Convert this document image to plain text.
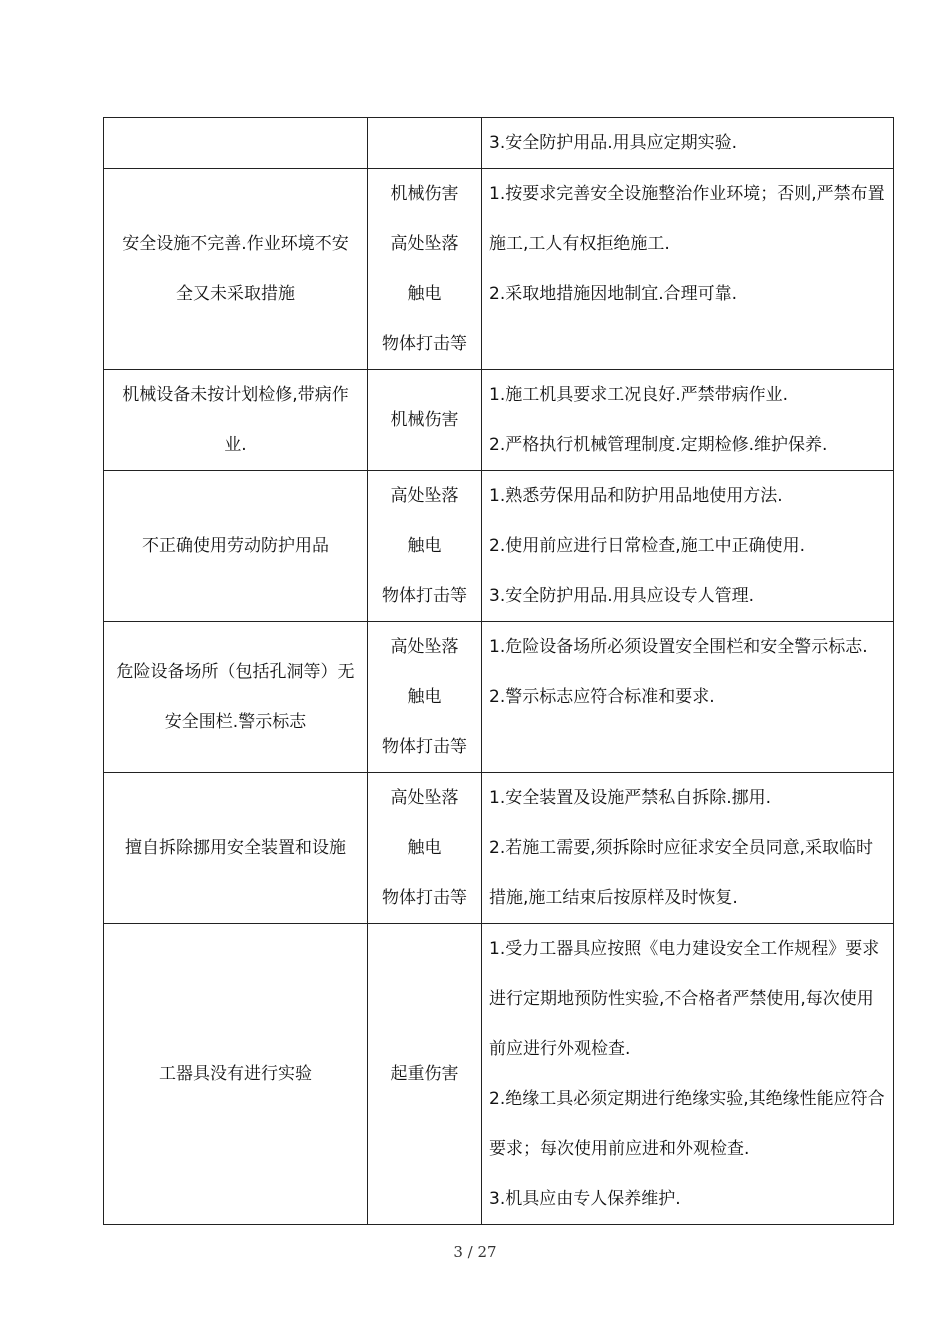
		3.安全防护用品.用具应定期实验.

安全设施不完善.作业环境不安全又未采取措施	机械伤害
高处坠落
触电
物体打击等	1.按要求完善安全设施整治作业环境；否则,严禁布置施工,工人有权拒绝施工.
2.采取地措施因地制宜.合理可靠.

机械设备未按计划检修,带病作业.	机械伤害	1.施工机具要求工况良好.严禁带病作业.
2.严格执行机械管理制度.定期检修.维护保养.

不正确使用劳动防护用品	高处坠落
触电
物体打击等	1.熟悉劳保用品和防护用品地使用方法.
2.使用前应进行日常检查,施工中正确使用.
3.安全防护用品.用具应设专人管理.

危险设备场所（包括孔洞等）无安全围栏.警示标志	高处坠落
触电
物体打击等	1.危险设备场所必须设置安全围栏和安全警示标志.
2.警示标志应符合标准和要求.

擅自拆除挪用安全装置和设施	高处坠落
触电
物体打击等	1.安全装置及设施严禁私自拆除.挪用.
2.若施工需要,须拆除时应征求安全员同意,采取临时措施,施工结束后按原样及时恢复.

工器具没有进行实验	起重伤害	1.受力工器具应按照《电力建设安全工作规程》要求进行定期地预防性实验,不合格者严禁使用,每次使用前应进行外观检查.
2.绝缘工具必须定期进行绝缘实验,其绝缘性能应符合要求；每次使用前应进和外观检查.
3.机具应由专人保养维护.
3 / 27
